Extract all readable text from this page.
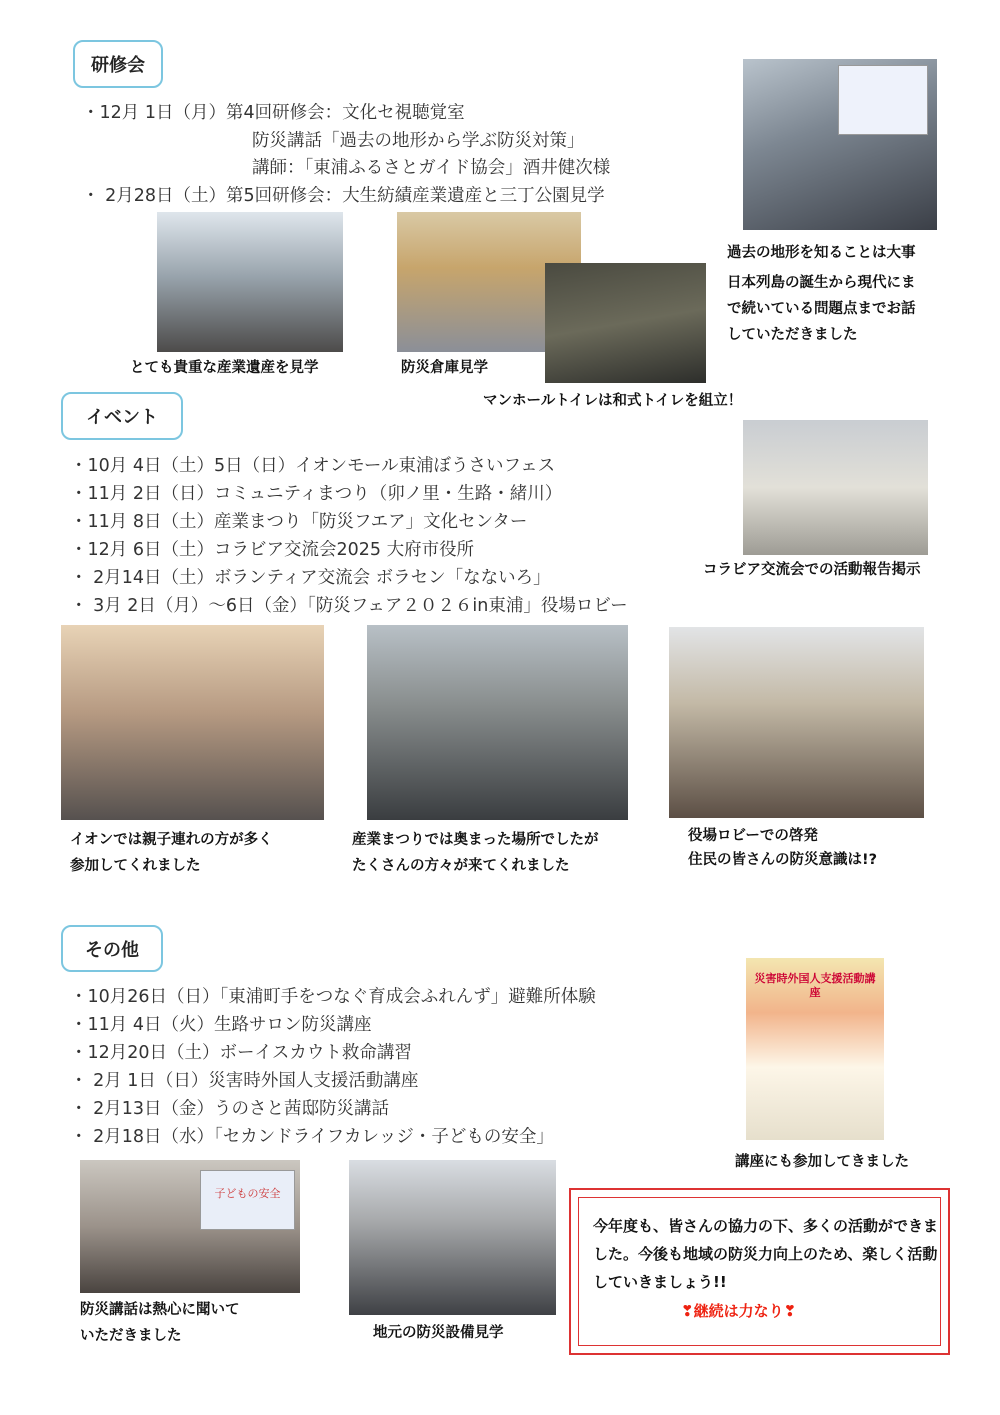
研修会
・12月 1日（月）第4回研修会：文化セ視聴覚室
防災講話「過去の地形から学ぶ防災対策」
講師：「東浦ふるさとガイド協会」酒井健次様
・ 2月28日（土）第5回研修会：大生紡績産業遺産と三丁公園見学
過去の地形を知ることは大事
日本列島の誕生から現代にま
で続いている問題点までお話
していただきました
とても貴重な産業遺産を見学	防災倉庫見学
マンホールトイレは和式トイレを組立！
イベント
・10月 4日（土）5日（日）イオンモール東浦ぼうさいフェス
・11月 2日（日）コミュニティまつり（卯ノ里・生路・緒川）
・11月 8日（土）産業まつり「防災フエア」文化センター
・12月 6日（土）コラビア交流会2025 大府市役所
・ 2月14日（土）ボランティア交流会 ボラセン「なないろ」
・ 3月 2日（月）～6日（金）「防災フェア２０２６in東浦」役場ロビー
コラビア交流会での活動報告掲示
イオンでは親子連れの方が多く
参加してくれました
産業まつりでは奥まった場所でしたが
たくさんの方々が来てくれました
役場ロビーでの啓発
住民の皆さんの防災意識は!?
その他
・10月26日（日）「東浦町手をつなぐ育成会ふれんず」避難所体験
・11月 4日（火）生路サロン防災講座
・12月20日（土）ボーイスカウト救命講習
・ 2月 1日（日）災害時外国人支援活動講座
・ 2月13日（金）うのさと茜邸防災講話
・ 2月18日（水）「セカンドライフカレッジ・子どもの安全」
災害時外国人支援活動講座
講座にも参加してきました
子どもの安全
防災講話は熱心に聞いて
いただきました	地元の防災設備見学
今年度も、皆さんの協力の下、多くの活動ができました。今後も地域の防災力向上のため、楽しく活動していきましょう!!
❣継続は力なり❣
